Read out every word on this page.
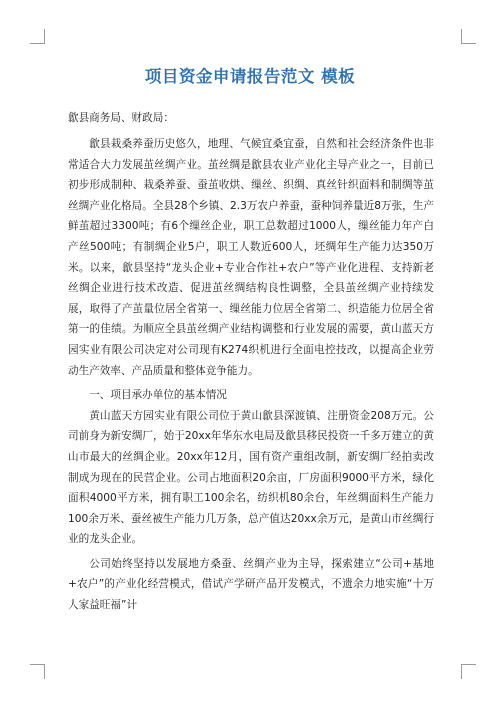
项目资金申请报告范文 模板

歙县商务局、财政局：

歙县栽桑养蚕历史悠久，地理、气候宜桑宜蚕，自然和社会经济条件也非常适合大力发展茧丝绸产业。茧丝绸是歙县农业产业化主导产业之一，目前已初步形成制种、栽桑养蚕、蚕茧收烘、缫丝、织绸、真丝针织面料和制绸等茧丝绸产业化格局。全县28个乡镇、2.3万农户养蚕，蚕种饲养量近8万张，生产鲜茧超过3300吨；有6个缫丝企业，职工总数超过1000人，缫丝能力年产白产丝500吨；有制绸企业5户，职工人数近600人，坯绸年生产能力达350万米。以来，歙县坚持“龙头企业+专业合作社+农户”等产业化进程、支持新老丝绸企业进行技术改造、促进茧丝绸结构良性调整，全县茧丝绸产业持续发展，取得了产茧量位居全省第一、缫丝能力位居全省第二、织造能力位居全省第一的佳绩。为顺应全县茧丝绸产业结构调整和行业发展的需要，黄山蓝天方园实业有限公司决定对公司现有K274织机进行全面电控技改，以提高企业劳动生产效率、产品质量和整体竞争能力。

一、项目承办单位的基本情况

黄山蓝天方园实业有限公司位于黄山歙县深渡镇、注册资金208万元。公司前身为新安绸厂，始于20xx年华东水电局及歙县移民投资一千多万建立的黄山市最大的丝绸企业。20xx年12月，国有资产重组改制，新安绸厂经拍卖改制成为现在的民营企业。公司占地面积20余亩，厂房面积9000平方米，绿化面积4000平方米，拥有职工100余名，纺织机80余台，年丝绸面料生产能力100余万米、蚕丝被生产能力几万条，总产值达20xx余万元，是黄山市丝绸行业的龙头企业。

公司始终坚持以发展地方桑蚕、丝绸产业为主导，探索建立“公司+基地+农户”的产业化经营模式，借试产学研产品开发模式，不遗余力地实施“十万人家益旺福”计
